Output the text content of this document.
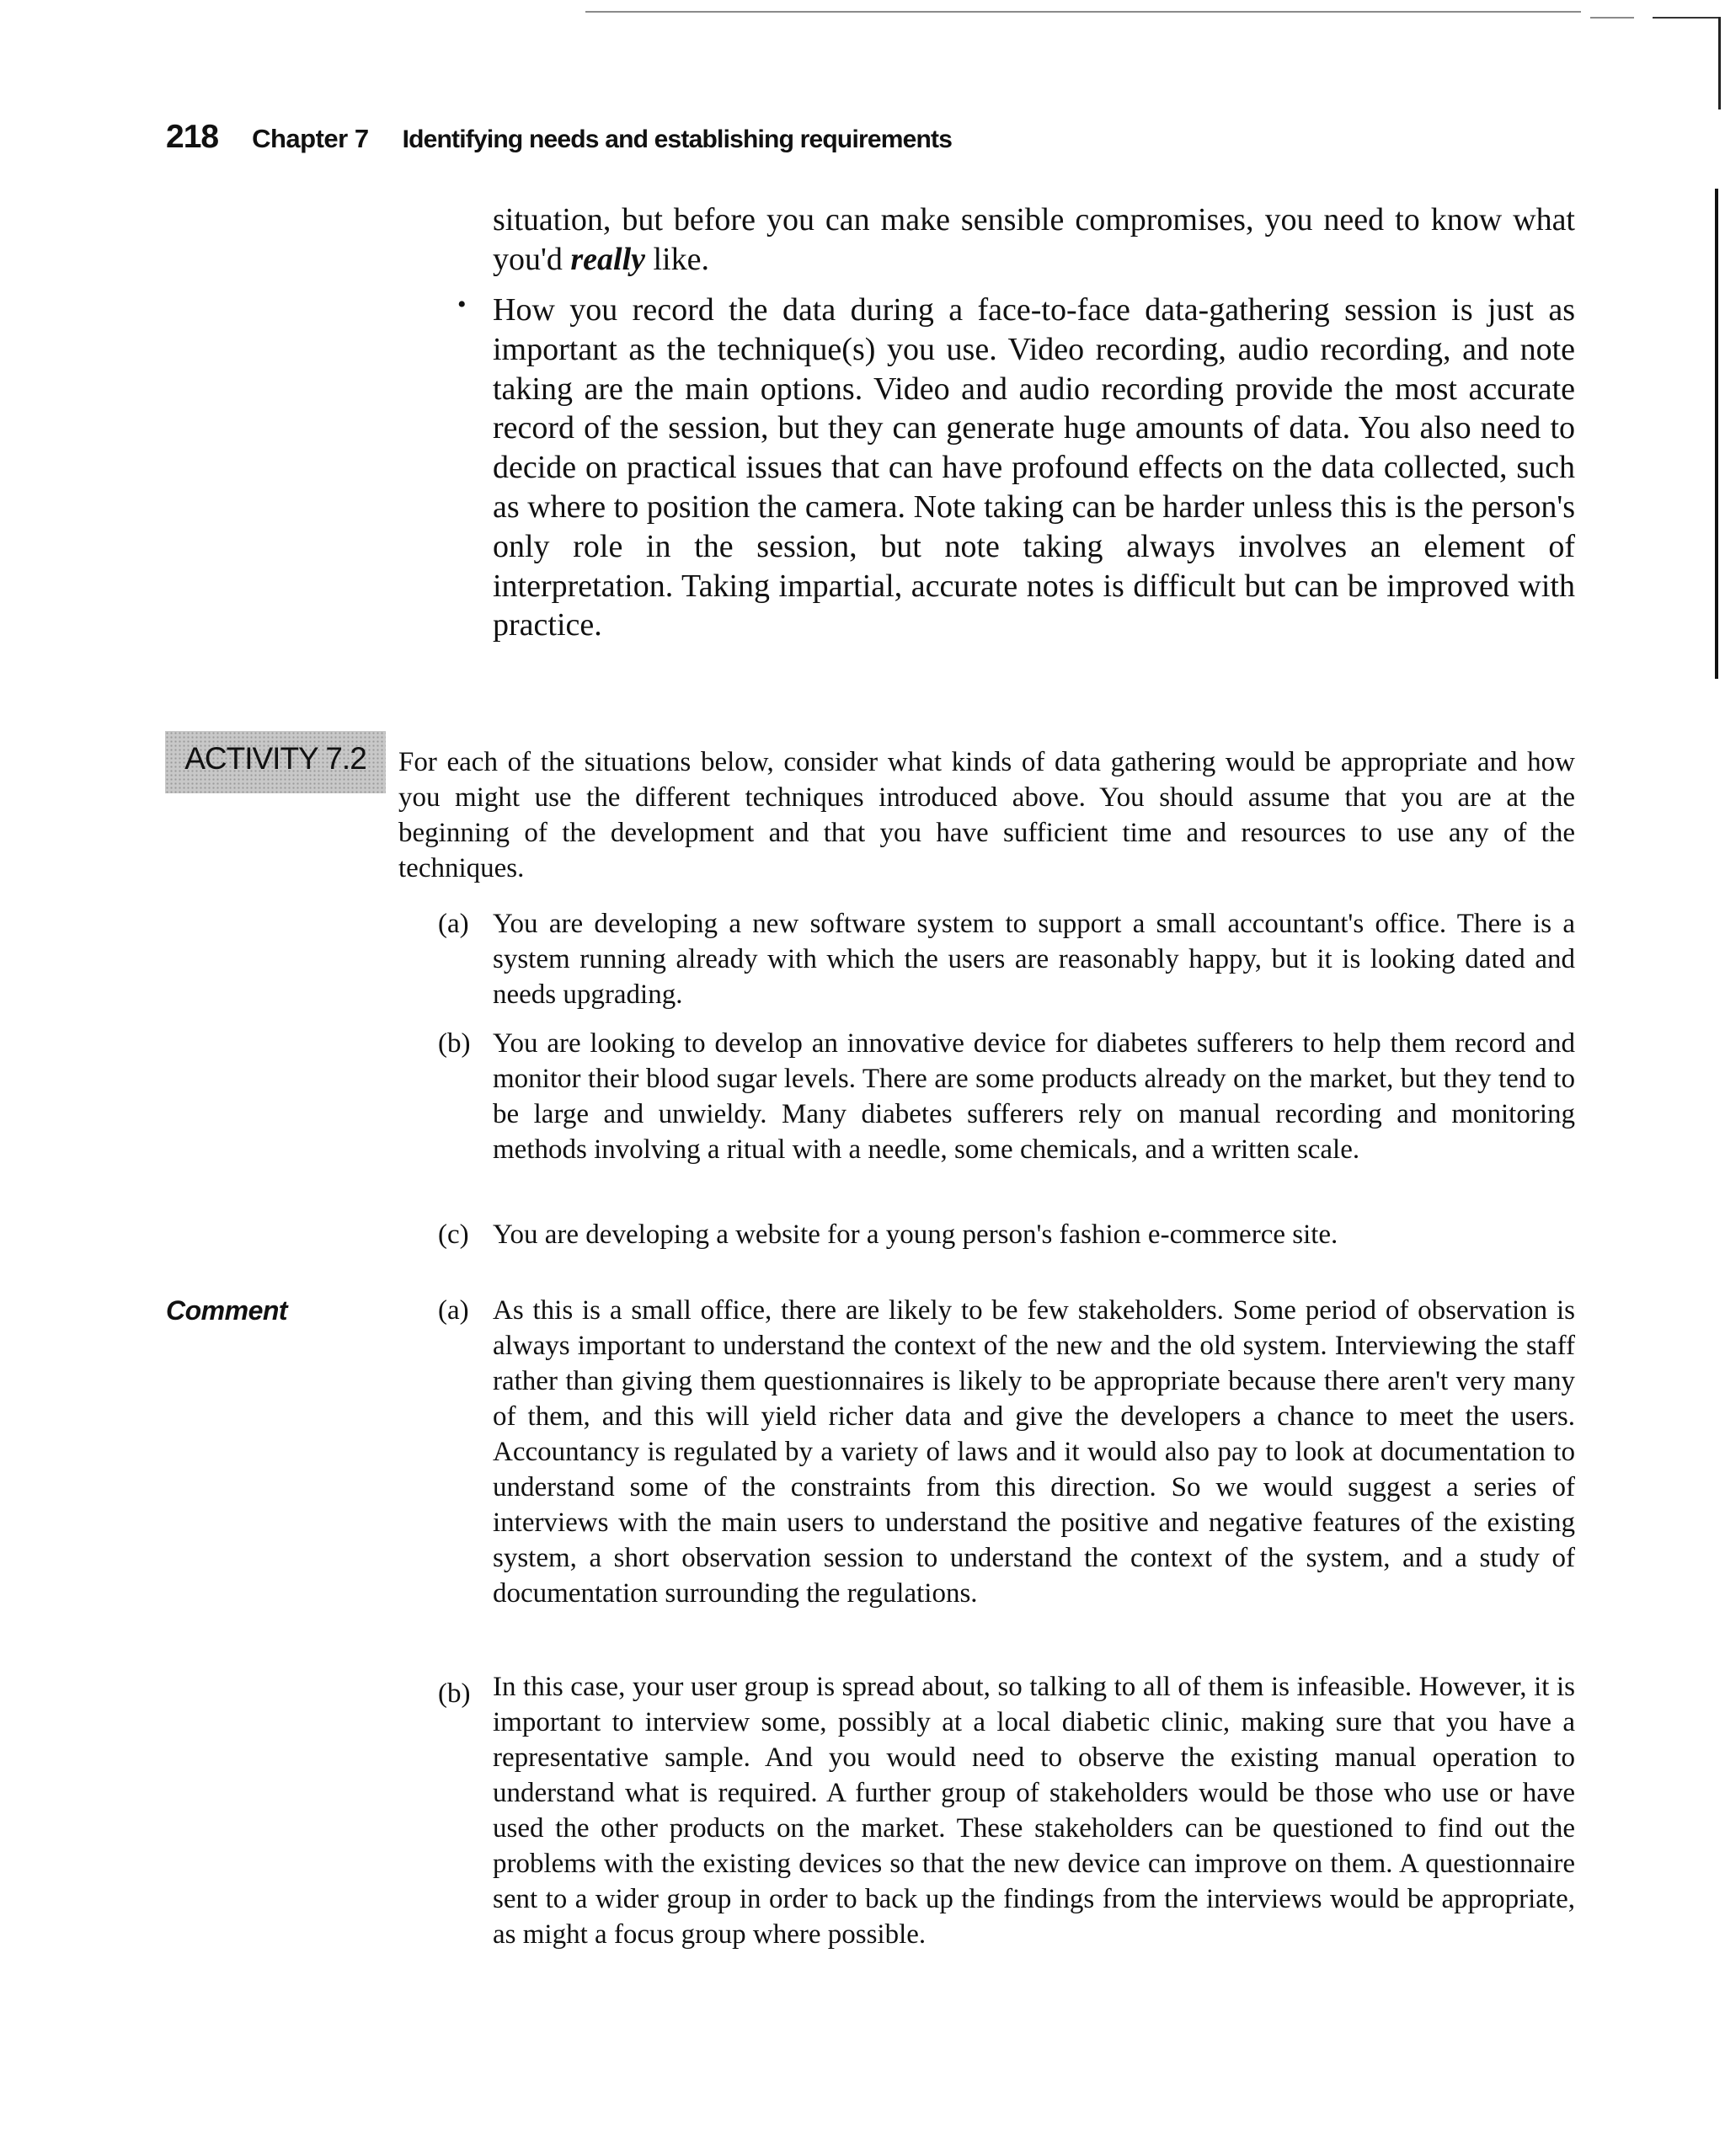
218 Chapter 7 Identifying needs and establishing requirements

situation, but before you can make sensible compromises, you need to know what you'd really like.

• How you record the data during a face-to-face data-gathering session is just as important as the technique(s) you use. Video recording, audio recording, and note taking are the main options. Video and audio recording provide the most accurate record of the session, but they can generate huge amounts of data. You also need to decide on practical issues that can have profound effects on the data collected, such as where to position the camera. Note taking can be harder unless this is the person's only role in the session, but note taking always involves an element of interpretation. Taking impartial, accurate notes is difficult but can be improved with practice.

ACTIVITY 7.2	For each of the situations below, consider what kinds of data gathering would be appropriate and how you might use the different techniques introduced above. You should assume that you are at the beginning of the development and that you have sufficient time and resources to use any of the techniques.

(a) You are developing a new software system to support a small accountant's office. There is a system running already with which the users are reasonably happy, but it is looking dated and needs upgrading.

(b) You are looking to develop an innovative device for diabetes sufferers to help them record and monitor their blood sugar levels. There are some products already on the market, but they tend to be large and unwieldy. Many diabetes sufferers rely on manual recording and monitoring methods involving a ritual with a needle, some chemicals, and a written scale.

(c) You are developing a website for a young person's fashion e-commerce site.

Comment	(a) As this is a small office, there are likely to be few stakeholders. Some period of observation is always important to understand the context of the new and the old system. Interviewing the staff rather than giving them questionnaires is likely to be appropriate because there aren't very many of them, and this will yield richer data and give the developers a chance to meet the users. Accountancy is regulated by a variety of laws and it would also pay to look at documentation to understand some of the constraints from this direction. So we would suggest a series of interviews with the main users to understand the positive and negative features of the existing system, a short observation session to understand the context of the system, and a study of documentation surrounding the regulations.

(b) In this case, your user group is spread about, so talking to all of them is infeasible. However, it is important to interview some, possibly at a local diabetic clinic, making sure that you have a representative sample. And you would need to observe the existing manual operation to understand what is required. A further group of stakeholders would be those who use or have used the other products on the market. These stakeholders can be questioned to find out the problems with the existing devices so that the new device can improve on them. A questionnaire sent to a wider group in order to back up the findings from the interviews would be appropriate, as might a focus group where possible.
